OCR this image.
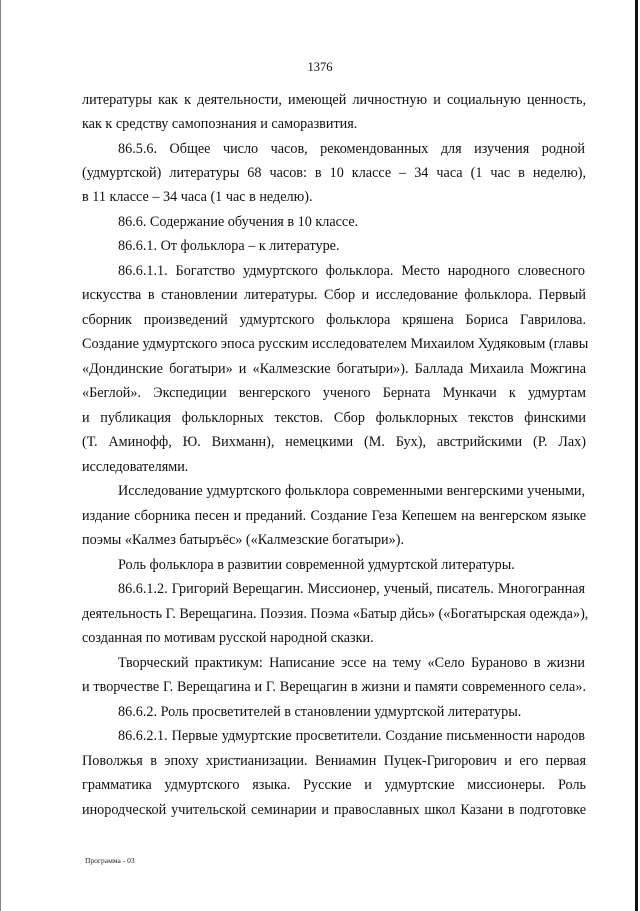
1376
литературы как к деятельности, имеющей личностную и социальную ценность,
как к средству самопознания и саморазвития.
86.5.6. Общее число часов, рекомендованных для изучения родной
(удмуртской) литературы 68 часов: в 10 классе – 34 часа (1 час в неделю),
в 11 классе – 34 часа (1 час в неделю).
86.6. Содержание обучения в 10 классе.
86.6.1. От фольклора – к литературе.
86.6.1.1. Богатство удмуртского фольклора. Место народного словесного
искусства в становлении литературы. Сбор и исследование фольклора. Первый
сборник произведений удмуртского фольклора кряшена Бориса Гаврилова.
Создание удмуртского эпоса русским исследователем Михаилом Худяковым (главы
«Дондинские богатыри» и «Калмезские богатыри»). Баллада Михаила Можгина
«Беглой». Экспедиции венгерского ученого Берната Мункачи к удмуртам
и публикация фольклорных текстов. Сбор фольклорных текстов финскими
(Т. Аминофф, Ю. Вихманн), немецкими (М. Бух), австрийскими (Р. Лах)
исследователями.
Исследование удмуртского фольклора современными венгерскими учеными,
издание сборника песен и преданий. Создание Геза Кепешем на венгерском языке
поэмы «Калмез батыръёс» («Калмезские богатыри»).
Роль фольклора в развитии современной удмуртской литературы.
86.6.1.2. Григорий Верещагин. Миссионер, ученый, писатель. Многогранная
деятельность Г. Верещагина. Поэзия. Поэма «Батыр дйсь» («Богатырская одежда»),
созданная по мотивам русской народной сказки.
Творческий практикум: Написание эссе на тему «Село Бураново в жизни
и творчестве Г. Верещагина и Г. Верещагин в жизни и памяти современного села».
86.6.2. Роль просветителей в становлении удмуртской литературы.
86.6.2.1. Первые удмуртские просветители. Создание письменности народов
Поволжья в эпоху христианизации. Вениамин Пуцек-Григорович и его первая
грамматика удмуртского языка. Русские и удмуртские миссионеры. Роль
инородческой учительской семинарии и православных школ Казани в подготовке
Программа - 03
